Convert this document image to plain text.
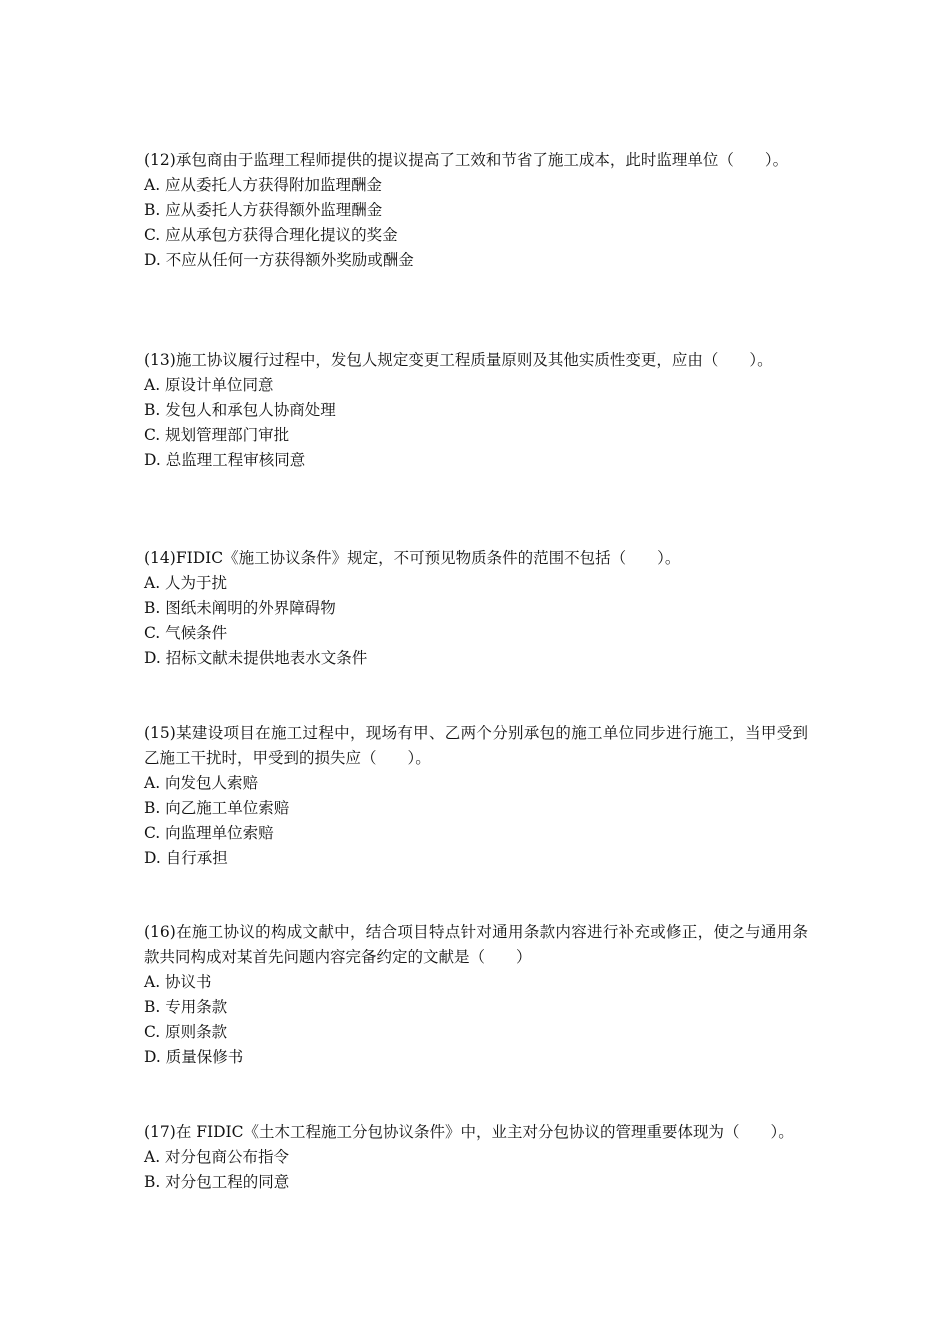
(12)承包商由于监理工程师提供的提议提高了工效和节省了施工成本，此时监理单位（　　）。

A. 应从委托人方获得附加监理酬金

B. 应从委托人方获得额外监理酬金

C. 应从承包方获得合理化提议的奖金

D. 不应从任何一方获得额外奖励或酬金

(13)施工协议履行过程中，发包人规定变更工程质量原则及其他实质性变更，应由（　　）。

A. 原设计单位同意

B. 发包人和承包人协商处理

C. 规划管理部门审批

D. 总监理工程审核同意

(14)FIDIC《施工协议条件》规定，不可预见物质条件的范围不包括（　　）。

A. 人为于扰

B. 图纸未阐明的外界障碍物

C. 气候条件

D. 招标文献未提供地表水文条件

(15)某建设项目在施工过程中，现场有甲、乙两个分别承包的施工单位同步进行施工，当甲受到乙施工干扰时，甲受到的损失应（　　）。

A. 向发包人索赔

B. 向乙施工单位索赔

C. 向监理单位索赔

D. 自行承担

(16)在施工协议的构成文献中，结合项目特点针对通用条款内容进行补充或修正，使之与通用条款共同构成对某首先问题内容完备约定的文献是（　　）

A. 协议书

B. 专用条款

C. 原则条款

D. 质量保修书

(17)在 FIDIC《土木工程施工分包协议条件》中，业主对分包协议的管理重要体现为（　　）。

A. 对分包商公布指令

B. 对分包工程的同意
